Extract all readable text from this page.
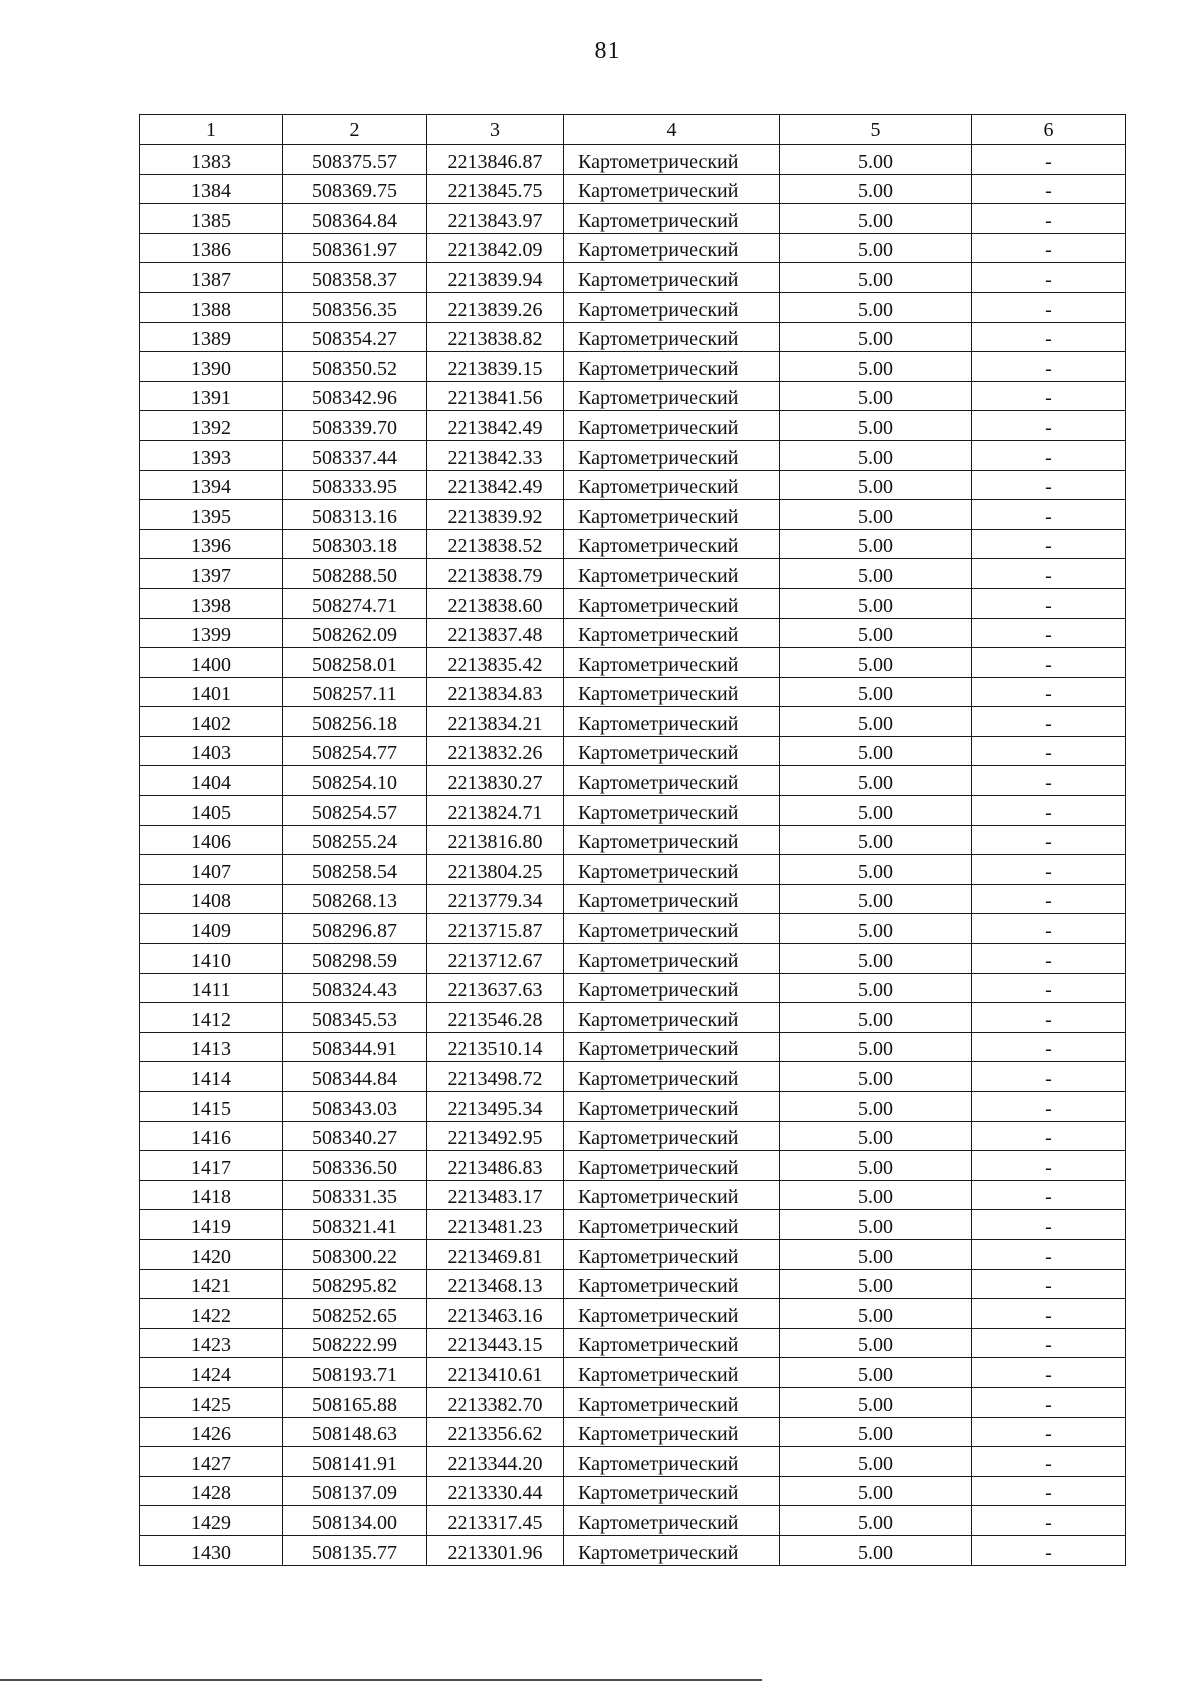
81
1	2	3	4	5	6
1383	508375.57	2213846.87	Картометрический	5.00	-
1384	508369.75	2213845.75	Картометрический	5.00	-
1385	508364.84	2213843.97	Картометрический	5.00	-
1386	508361.97	2213842.09	Картометрический	5.00	-
1387	508358.37	2213839.94	Картометрический	5.00	-
1388	508356.35	2213839.26	Картометрический	5.00	-
1389	508354.27	2213838.82	Картометрический	5.00	-
1390	508350.52	2213839.15	Картометрический	5.00	-
1391	508342.96	2213841.56	Картометрический	5.00	-
1392	508339.70	2213842.49	Картометрический	5.00	-
1393	508337.44	2213842.33	Картометрический	5.00	-
1394	508333.95	2213842.49	Картометрический	5.00	-
1395	508313.16	2213839.92	Картометрический	5.00	-
1396	508303.18	2213838.52	Картометрический	5.00	-
1397	508288.50	2213838.79	Картометрический	5.00	-
1398	508274.71	2213838.60	Картометрический	5.00	-
1399	508262.09	2213837.48	Картометрический	5.00	-
1400	508258.01	2213835.42	Картометрический	5.00	-
1401	508257.11	2213834.83	Картометрический	5.00	-
1402	508256.18	2213834.21	Картометрический	5.00	-
1403	508254.77	2213832.26	Картометрический	5.00	-
1404	508254.10	2213830.27	Картометрический	5.00	-
1405	508254.57	2213824.71	Картометрический	5.00	-
1406	508255.24	2213816.80	Картометрический	5.00	-
1407	508258.54	2213804.25	Картометрический	5.00	-
1408	508268.13	2213779.34	Картометрический	5.00	-
1409	508296.87	2213715.87	Картометрический	5.00	-
1410	508298.59	2213712.67	Картометрический	5.00	-
1411	508324.43	2213637.63	Картометрический	5.00	-
1412	508345.53	2213546.28	Картометрический	5.00	-
1413	508344.91	2213510.14	Картометрический	5.00	-
1414	508344.84	2213498.72	Картометрический	5.00	-
1415	508343.03	2213495.34	Картометрический	5.00	-
1416	508340.27	2213492.95	Картометрический	5.00	-
1417	508336.50	2213486.83	Картометрический	5.00	-
1418	508331.35	2213483.17	Картометрический	5.00	-
1419	508321.41	2213481.23	Картометрический	5.00	-
1420	508300.22	2213469.81	Картометрический	5.00	-
1421	508295.82	2213468.13	Картометрический	5.00	-
1422	508252.65	2213463.16	Картометрический	5.00	-
1423	508222.99	2213443.15	Картометрический	5.00	-
1424	508193.71	2213410.61	Картометрический	5.00	-
1425	508165.88	2213382.70	Картометрический	5.00	-
1426	508148.63	2213356.62	Картометрический	5.00	-
1427	508141.91	2213344.20	Картометрический	5.00	-
1428	508137.09	2213330.44	Картометрический	5.00	-
1429	508134.00	2213317.45	Картометрический	5.00	-
1430	508135.77	2213301.96	Картометрический	5.00	-
